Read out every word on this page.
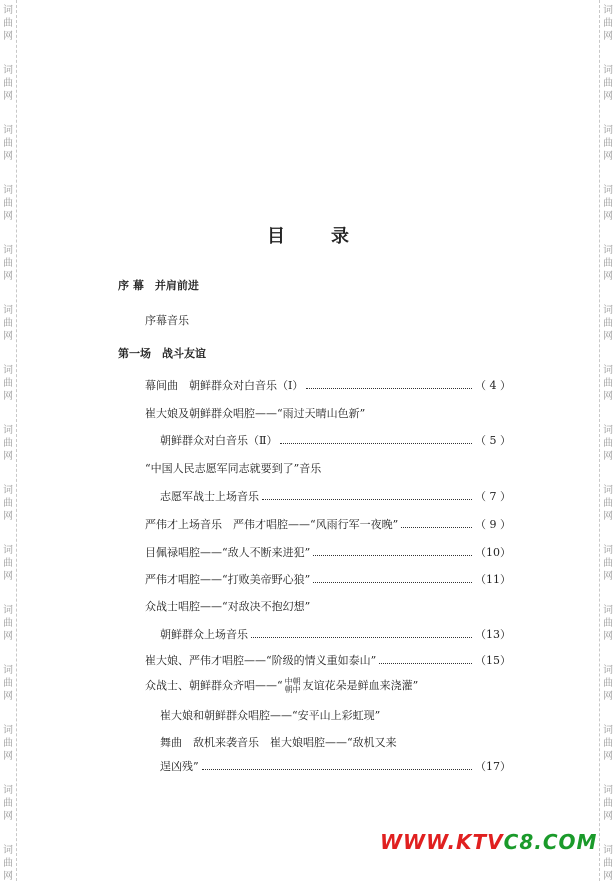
词
曲
网
词
曲
网
词
曲
网
词
曲
网
词
曲
网
词
曲
网
词
曲
网
词
曲
网
词
曲
网
词
曲
网
词
曲
网
词
曲
网
词
曲
网
词
曲
网
词
曲
网
词
曲
网
词
曲
网
词
曲
网
词
曲
网
词
曲
网
词
曲
网
词
曲
网
词
曲
网
词
曲
网
词
曲
网
词
曲
网
词
曲
网
词
曲
网
词
曲
网
词
曲
网
目录
序 幕　并肩前进
序幕音乐
第一场　战斗友谊
幕间曲　朝鲜群众对白音乐（Ⅰ）	（ 4 ）
崔大娘及朝鲜群众唱腔——“雨过天晴山色新”
朝鲜群众对白音乐（Ⅱ）	（ 5 ）
“中国人民志愿军同志就要到了”音乐
志愿军战士上场音乐	（ 7 ）
严伟才上场音乐　严伟才唱腔——“风雨行军一夜晚”	（ 9 ）
目佩禄唱腔——“敌人不断来进犯”	（10）
严伟才唱腔——“打败美帝野心狼”	（11）
众战士唱腔——“对敌决不抱幻想”
朝鲜群众上场音乐	（13）
崔大娘、严伟才唱腔——“阶级的情义重如泰山”	（15）
众战士、朝鲜群众齐唱——“ 中朝
朝中 友谊花朵是鲜血来浇灌”
崔大娘和朝鲜群众唱腔——“安平山上彩虹现”
舞曲　敌机来袭音乐　崔大娘唱腔——“敌机又来
逞凶残”	（17）
WWW.KTVC8.COM
